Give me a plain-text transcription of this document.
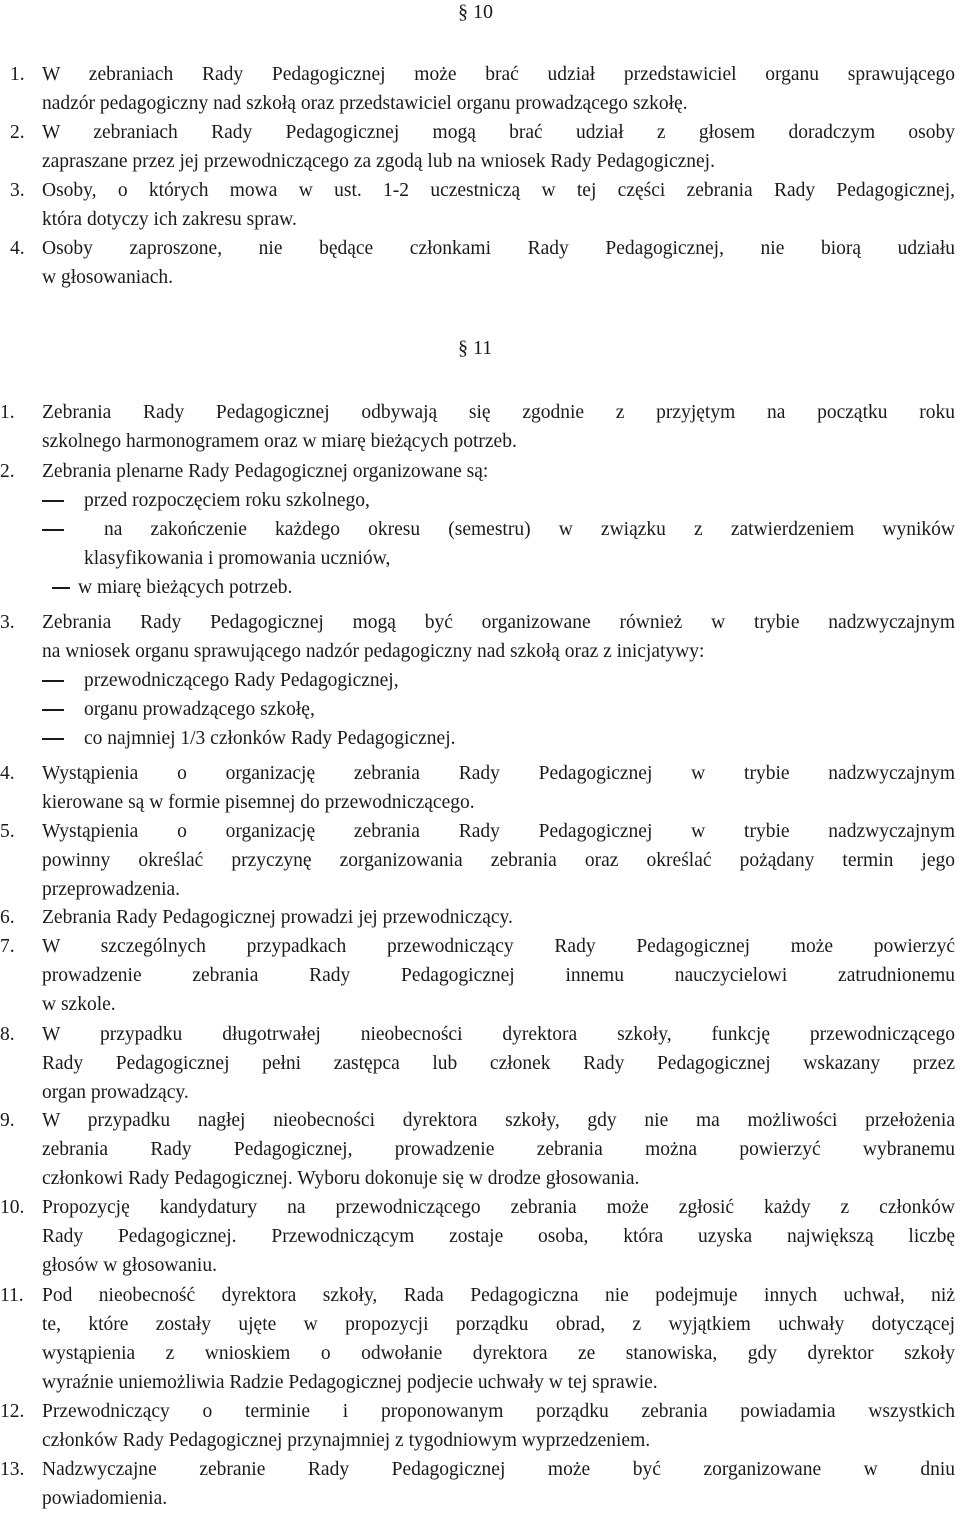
§ 10
1. W zebraniach Rady Pedagogicznej może brać udział przedstawiciel organu sprawującego
nadzór pedagogiczny nad szkołą oraz przedstawiciel organu prowadzącego szkołę.
2. W zebraniach Rady Pedagogicznej mogą brać udział z głosem doradczym osoby
zapraszane przez jej przewodniczącego za zgodą lub na wniosek Rady Pedagogicznej.
3. Osoby, o których mowa w ust. 1-2 uczestniczą w tej części zebrania Rady Pedagogicznej,
która dotyczy ich zakresu spraw.
4. Osoby zaproszone, nie będące członkami Rady Pedagogicznej, nie biorą udziału
w głosowaniach.
§ 11
1. Zebrania Rady Pedagogicznej odbywają się zgodnie z przyjętym na początku roku
szkolnego harmonogramem oraz w miarę bieżących potrzeb.
2. Zebrania plenarne Rady Pedagogicznej organizowane są:
przed rozpoczęciem roku szkolnego,
na zakończenie każdego okresu (semestru) w związku z zatwierdzeniem wyników
klasyfikowania i promowania uczniów,
w miarę bieżących potrzeb.
3. Zebrania Rady Pedagogicznej mogą być organizowane również w trybie nadzwyczajnym
na wniosek organu sprawującego nadzór pedagogiczny nad szkołą oraz z inicjatywy:
przewodniczącego Rady Pedagogicznej,
organu prowadzącego szkołę,
co najmniej 1/3 członków Rady Pedagogicznej.
4. Wystąpienia o organizację zebrania Rady Pedagogicznej w trybie nadzwyczajnym
kierowane są w formie pisemnej do przewodniczącego.
5. Wystąpienia o organizację zebrania Rady Pedagogicznej w trybie nadzwyczajnym
powinny określać przyczynę zorganizowania zebrania oraz określać pożądany termin jego
przeprowadzenia.
6. Zebrania Rady Pedagogicznej prowadzi jej przewodniczący.
7. W szczególnych przypadkach przewodniczący Rady Pedagogicznej może powierzyć
prowadzenie zebrania Rady Pedagogicznej innemu nauczycielowi zatrudnionemu
w szkole.
8. W przypadku długotrwałej nieobecności dyrektora szkoły, funkcję przewodniczącego
Rady Pedagogicznej pełni zastępca lub członek Rady Pedagogicznej wskazany przez
organ prowadzący.
9. W przypadku nagłej nieobecności dyrektora szkoły, gdy nie ma możliwości przełożenia
zebrania Rady Pedagogicznej, prowadzenie zebrania można powierzyć wybranemu
członkowi Rady Pedagogicznej. Wyboru dokonuje się w drodze głosowania.
10. Propozycję kandydatury na przewodniczącego zebrania może zgłosić każdy z członków
Rady Pedagogicznej. Przewodniczącym zostaje osoba, która uzyska największą liczbę
głosów w głosowaniu.
11. Pod nieobecność dyrektora szkoły, Rada Pedagogiczna nie podejmuje innych uchwał, niż
te, które zostały ujęte w propozycji porządku obrad, z wyjątkiem uchwały dotyczącej
wystąpienia z wnioskiem o odwołanie dyrektora ze stanowiska, gdy dyrektor szkoły
wyraźnie uniemożliwia Radzie Pedagogicznej podjecie uchwały w tej sprawie.
12. Przewodniczący o terminie i proponowanym porządku zebrania powiadamia wszystkich
członków Rady Pedagogicznej przynajmniej z tygodniowym wyprzedzeniem.
13. Nadzwyczajne zebranie Rady Pedagogicznej może być zorganizowane w dniu
powiadomienia.
